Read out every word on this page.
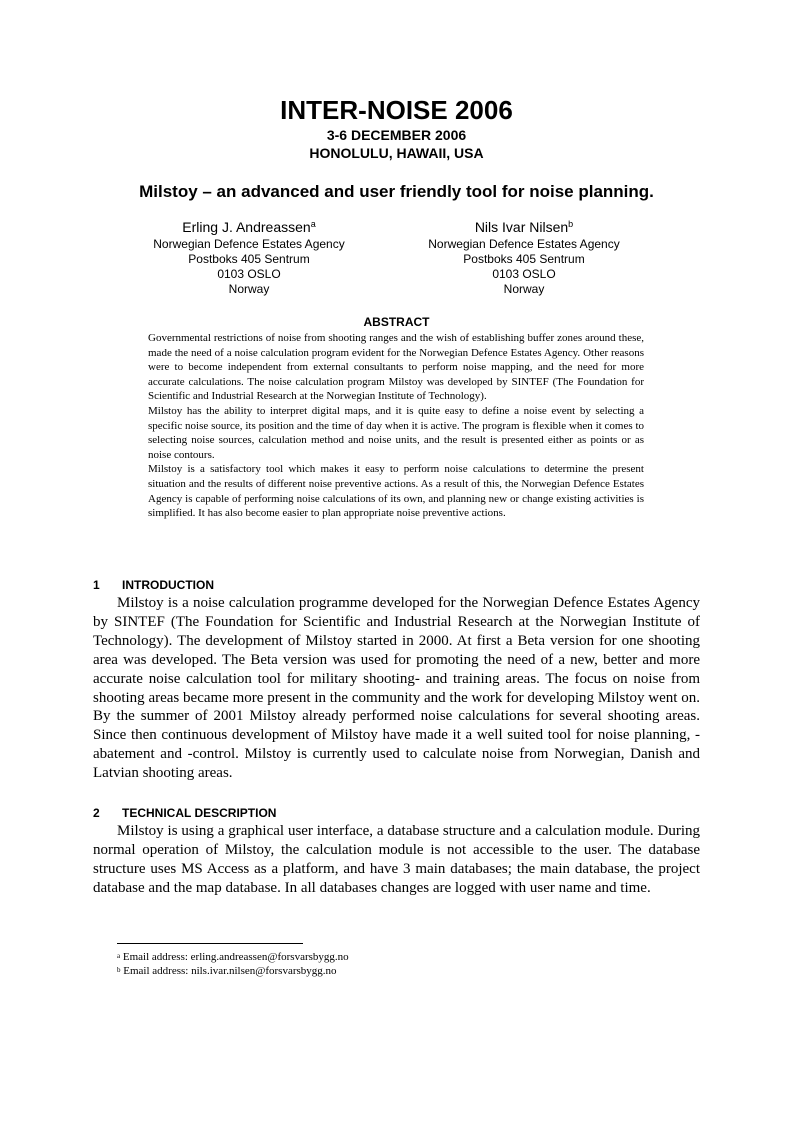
INTER-NOISE 2006
3-6 DECEMBER 2006
HONOLULU, HAWAII, USA
Milstoy – an advanced and user friendly tool for noise planning.
Erling J. Andreassen$^a$
Norwegian Defence Estates Agency
Postboks 405 Sentrum
0103 OSLO
Norway
Nils Ivar Nilsen$^b$
Norwegian Defence Estates Agency
Postboks 405 Sentrum
0103 OSLO
Norway
ABSTRACT

Governmental restrictions of noise from shooting ranges and the wish of establishing buffer zones around these, made the need of a noise calculation program evident for the Norwegian Defence Estates Agency. Other reasons were to become independent from external consultants to perform noise mapping, and the need for more accurate calculations. The noise calculation program Milstoy was developed by SINTEF (The Foundation for Scientific and Industrial Research at the Norwegian Institute of Technology).

Milstoy has the ability to interpret digital maps, and it is quite easy to define a noise event by selecting a specific noise source, its position and the time of day when it is active. The program is flexible when it comes to selecting noise sources, calculation method and noise units, and the result is presented either as points or as noise contours.

Milstoy is a satisfactory tool which makes it easy to perform noise calculations to determine the present situation and the results of different noise preventive actions. As a result of this, the Norwegian Defence Estates Agency is capable of performing noise calculations of its own, and planning new or change existing activities is simplified. It has also become easier to plan appropriate noise preventive actions.

1 INTRODUCTION

Milstoy is a noise calculation programme developed for the Norwegian Defence Estates Agency by SINTEF (The Foundation for Scientific and Industrial Research at the Norwegian Institute of Technology). The development of Milstoy started in 2000. At first a Beta version for one shooting area was developed. The Beta version was used for promoting the need of a new, better and more accurate noise calculation tool for military shooting- and training areas. The focus on noise from shooting areas became more present in the community and the work for developing Milstoy went on. By the summer of 2001 Milstoy already performed noise calculations for several shooting areas. Since then continuous development of Milstoy have made it a well suited tool for noise planning, -abatement and -control. Milstoy is currently used to calculate noise from Norwegian, Danish and Latvian shooting areas.

2 TECHNICAL DESCRIPTION

Milstoy is using a graphical user interface, a database structure and a calculation module. During normal operation of Milstoy, the calculation module is not accessible to the user. The database structure uses MS Access as a platform, and have 3 main databases; the main database, the project database and the map database. In all databases changes are logged with user name and time.

$^a$ Email address: erling.andreassen@forsvarsbygg.no
$^b$ Email address: nils.ivar.nilsen@forsvarsbygg.no
